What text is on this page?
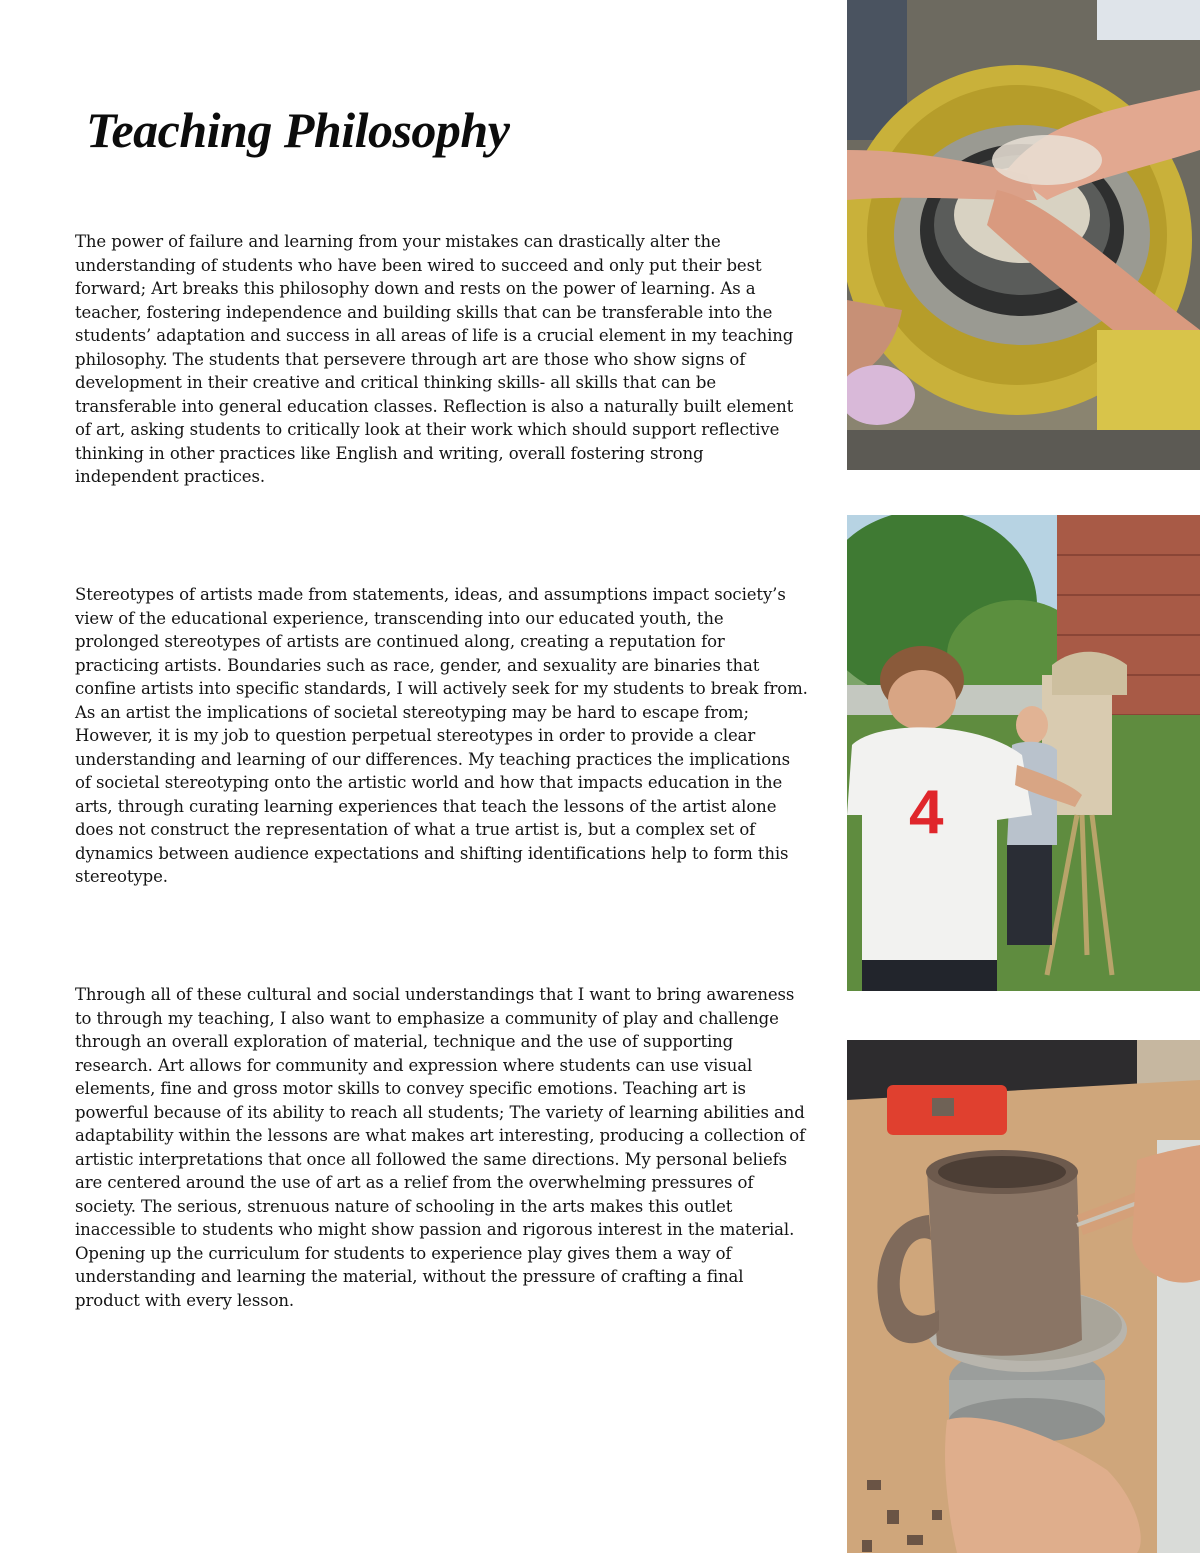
Teaching Philosophy

The power of failure and learning from your mistakes can drastically alter the understanding of students who have been wired to succeed and only put their best forward; Art breaks this philosophy down and rests on the power of learning. As a teacher, fostering independence and building skills that can be transferable into the students’ adaptation and success in all areas of life is a crucial element in my teaching philosophy. The students that persevere through art are those who show signs of development in their creative and critical thinking skills- all skills that can be transferable into general education classes. Reflection is also a naturally built element of art, asking students to critically look at their work which should support reflective thinking in other practices like English and writing, overall fostering strong independent practices.

Stereotypes of artists made from statements, ideas, and assumptions impact society’s view of the educational experience, transcending into our educated youth, the prolonged stereotypes of artists are continued along, creating a reputation for practicing artists. Boundaries such as race, gender, and sexuality are binaries that confine artists into specific standards, I will actively seek for my students to break from. As an artist the implications of societal stereotyping may be hard to escape from; However, it is my job to question perpetual stereotypes in order to provide a clear understanding and learning of our differences. My teaching practices the implications of societal stereotyping onto the artistic world and how that impacts education in the arts, through curating learning experiences that teach the lessons of the artist alone does not construct the representation of what a true artist is, but a complex set of dynamics between audience expectations and shifting identifications help to form this stereotype.

Through all of these cultural and social understandings that I want to bring awareness to through my teaching, I also want to emphasize a community of play and challenge through an overall exploration of material, technique and the use of supporting research. Art allows for community and expression where students can use visual elements, fine and gross motor skills to convey specific emotions. Teaching art is powerful because of its ability to reach all students; The variety of learning abilities and adaptability within the lessons are what makes art interesting, producing a collection of artistic interpretations that once all followed the same directions. My personal beliefs are centered around the use of art as a relief from the overwhelming pressures of society. The serious, strenuous nature of schooling in the arts makes this outlet inaccessible to students who might show passion and rigorous interest in the material. Opening up the curriculum for students to experience play gives them a way of understanding and learning the material, without the pressure of crafting a final product with every lesson.

4
